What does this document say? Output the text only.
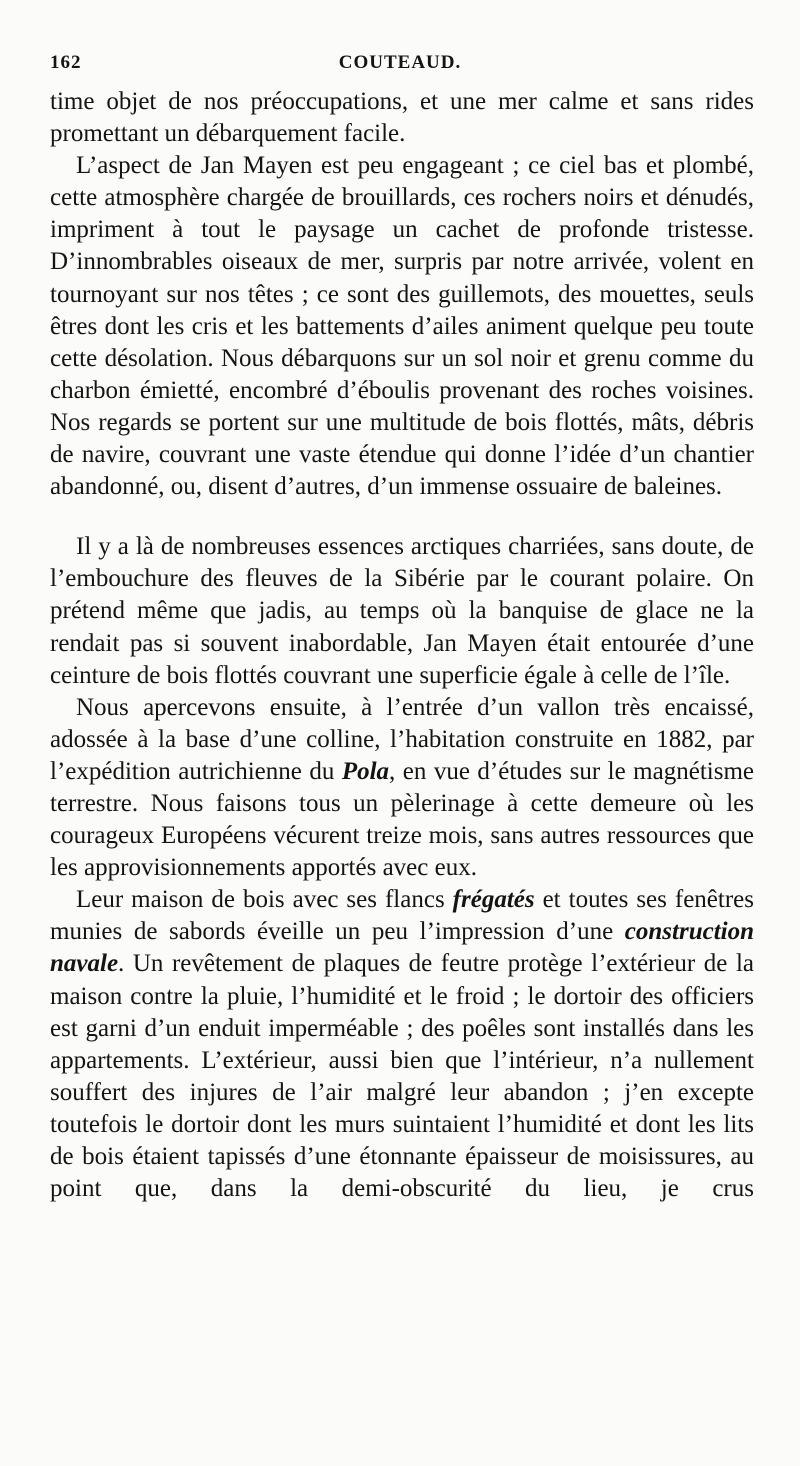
162	COUTEAUD.

time objet de nos préoccupations, et une mer calme et sans rides promettant un débarquement facile.

L’aspect de Jan Mayen est peu engageant ; ce ciel bas et plombé, cette atmosphère chargée de brouillards, ces rochers noirs et dénudés, impriment à tout le paysage un cachet de profonde tristesse. D’innombrables oiseaux de mer, surpris par notre arrivée, volent en tournoyant sur nos têtes ; ce sont des guillemots, des mouettes, seuls êtres dont les cris et les battements d’ailes animent quelque peu toute cette désolation. Nous débarquons sur un sol noir et grenu comme du charbon émietté, encombré d’éboulis provenant des roches voisines. Nos regards se portent sur une multitude de bois flottés, mâts, débris de navire, couvrant une vaste étendue qui donne l’idée d’un chantier abandonné, ou, disent d’autres, d’un immense ossuaire de baleines.

Il y a là de nombreuses essences arctiques charriées, sans doute, de l’embouchure des fleuves de la Sibérie par le courant polaire. On prétend même que jadis, au temps où la banquise de glace ne la rendait pas si souvent inabordable, Jan Mayen était entourée d’une ceinture de bois flottés couvrant une superficie égale à celle de l’île.

Nous apercevons ensuite, à l’entrée d’un vallon très encaissé, adossée à la base d’une colline, l’habitation construite en 1882, par l’expédition autrichienne du Pola, en vue d’études sur le magnétisme terrestre. Nous faisons tous un pèlerinage à cette demeure où les courageux Européens vécurent treize mois, sans autres ressources que les approvisionnements apportés avec eux.

Leur maison de bois avec ses flancs frégatés et toutes ses fenêtres munies de sabords éveille un peu l’impression d’une construction navale. Un revêtement de plaques de feutre protège l’extérieur de la maison contre la pluie, l’humidité et le froid ; le dortoir des officiers est garni d’un enduit imperméable ; des poêles sont installés dans les appartements. L’extérieur, aussi bien que l’intérieur, n’a nullement souffert des injures de l’air malgré leur abandon ; j’en excepte toutefois le dortoir dont les murs suintaient l’humidité et dont les lits de bois étaient tapissés d’une étonnante épaisseur de moisissures, au point que, dans la demi-obscurité du lieu, je crus
